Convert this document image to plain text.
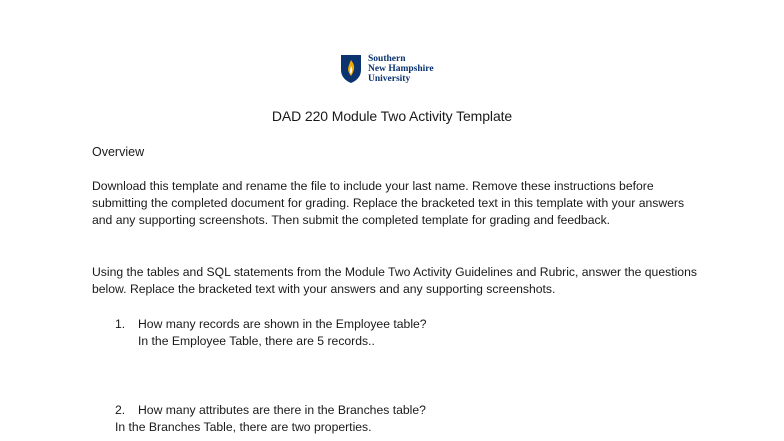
Southern
New Hampshire
University
DAD 220 Module Two Activity Template
Overview
Download this template and rename the file to include your last name. Remove these instructions before submitting the completed document for grading. Replace the bracketed text in this template with your answers and any supporting screenshots. Then submit the completed template for grading and feedback.
Using the tables and SQL statements from the Module Two Activity Guidelines and Rubric, answer the questions below. Replace the bracketed text with your answers and any supporting screenshots.
1. How many records are shown in the Employee table?
In the Employee Table, there are 5 records..
2. How many attributes are there in the Branches table?
In the Branches Table, there are two properties.
